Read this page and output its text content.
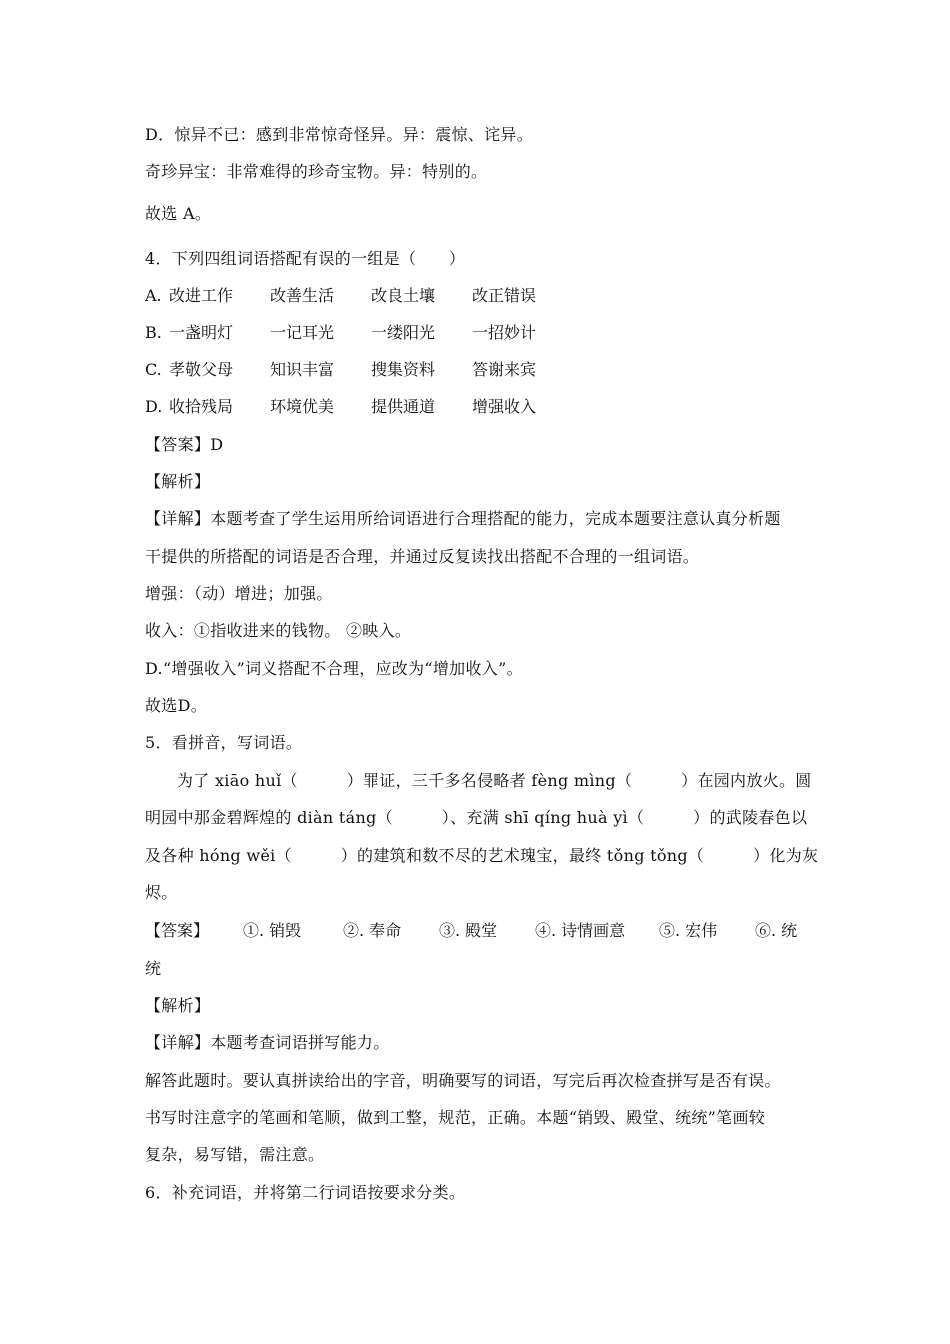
D．惊异不已：感到非常惊奇怪异。异：震惊、诧异。
奇珍异宝：非常难得的珍奇宝物。异：特别的。
故选 A。
4．下列四组词语搭配有误的一组是（　　）
A. 改进工作 改善生活 改良土壤 改正错误
B. 一盏明灯 一记耳光 一缕阳光 一招妙计
C. 孝敬父母 知识丰富 搜集资料 答谢来宾
D. 收拾残局 环境优美 提供通道 增强收入
【答案】D
【解析】
【详解】本题考查了学生运用所给词语进行合理搭配的能力，完成本题要注意认真分析题
干提供的所搭配的词语是否合理，并通过反复读找出搭配不合理的一组词语。
增强：（动）增进；加强。
收入：①指收进来的钱物。 ②映入。
D.“增强收入”词义搭配不合理，应改为“增加收入”。
故选D。
5．看拼音，写词语。
为了 xiāo huǐ（　　　）罪证，三千多名侵略者 fèng mìng（　　　）在园内放火。圆
明园中那金碧辉煌的 diàn táng（　　　）、充满 shī qíng huà yì（　　　）的武陵春色以
及各种 hóng wěi（　　　）的建筑和数不尽的艺术瑰宝，最终 tǒng tǒng（　　　）化为灰
烬。
【答案】 ①. 销毁	②. 奉命 ③. 殿堂 ④. 诗情画意 ⑤. 宏伟 ⑥. 统
统
【解析】
【详解】本题考查词语拼写能力。
解答此题时。要认真拼读给出的字音，明确要写的词语，写完后再次检查拼写是否有误。
书写时注意字的笔画和笔顺，做到工整，规范，正确。本题“销毁、殿堂、统统”笔画较
复杂，易写错，需注意。
6．补充词语，并将第二行词语按要求分类。
